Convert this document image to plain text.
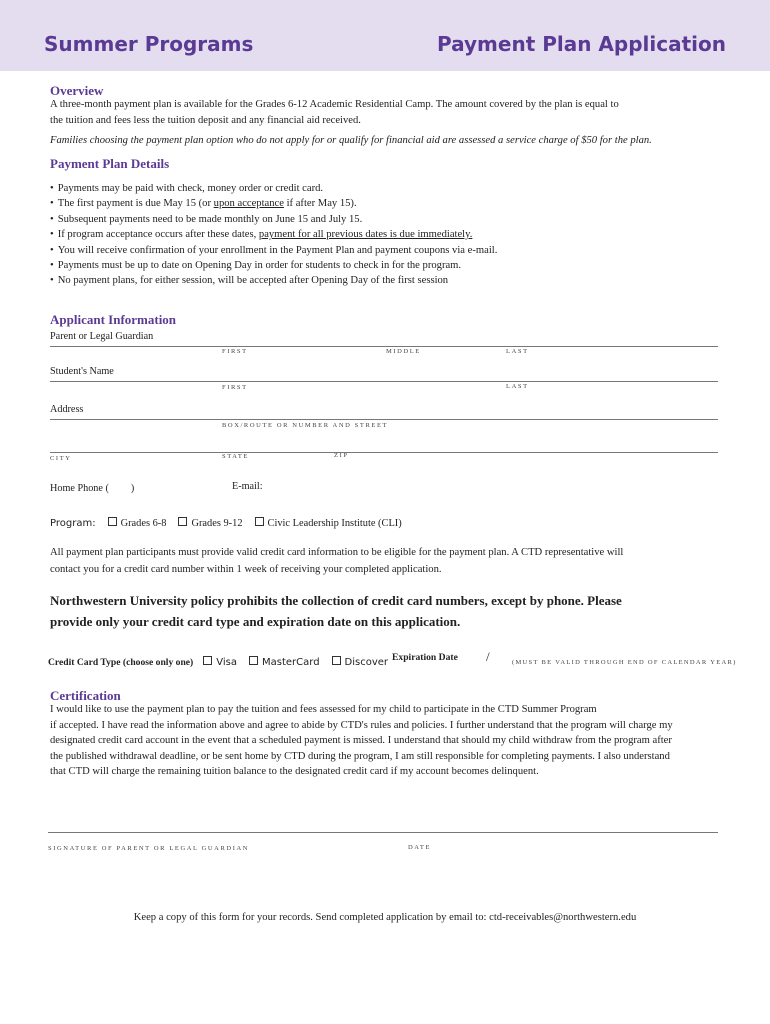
Summer Programs	Payment Plan Application
Overview
A three-month payment plan is available for the Grades 6-12 Academic Residential Camp. The amount covered by the plan is equal to
the tuition and fees less the tuition deposit and any financial aid received.
Families choosing the payment plan option who do not apply for or qualify for financial aid are assessed a service charge of $50 for the plan.
Payment Plan Details
• Payments may be paid with check, money order or credit card.
• The first payment is due May 15 (or upon acceptance if after May 15).
• Subsequent payments need to be made monthly on June 15 and July 15.
• If program acceptance occurs after these dates, payment for all previous dates is due immediately.
• You will receive confirmation of your enrollment in the Payment Plan and payment coupons via e-mail.
• Payments must be up to date on Opening Day in order for students to check in for the program.
• No payment plans, for either session, will be accepted after Opening Day of the first session
Applicant Information
Parent or Legal Guardian
FIRST	MIDDLE	LAST
Student's Name
FIRST	LAST
Address
BOX/ROUTE OR NUMBER AND STREET
CITY	STATE	ZIP
Home Phone ( )	E-mail:
Program: Grades 6-8 Grades 9-12 Civic Leadership Institute (CLI)
All payment plan participants must provide valid credit card information to be eligible for the payment plan. A CTD representative will
contact you for a credit card number within 1 week of receiving your completed application.
Northwestern University policy prohibits the collection of credit card numbers, except by phone. Please
provide only your credit card type and expiration date on this application.
Credit Card Type (choose only one) Visa	MasterCard	Discover Expiration Date /	(MUST BE VALID THROUGH END OF CALENDAR YEAR)
Certification
I would like to use the payment plan to pay the tuition and fees assessed for my child to participate in the CTD Summer Program
if accepted. I have read the information above and agree to abide by CTD's rules and policies. I further understand that the program will charge my
designated credit card account in the event that a scheduled payment is missed. I understand that should my child withdraw from the program after
the published withdrawal deadline, or be sent home by CTD during the program, I am still responsible for completing payments. I also understand
that CTD will charge the remaining tuition balance to the designated credit card if my account becomes delinquent.
SIGNATURE OF PARENT OR LEGAL GUARDIAN	DATE
Keep a copy of this form for your records. Send completed application by email to: ctd-receivables@northwestern.edu
